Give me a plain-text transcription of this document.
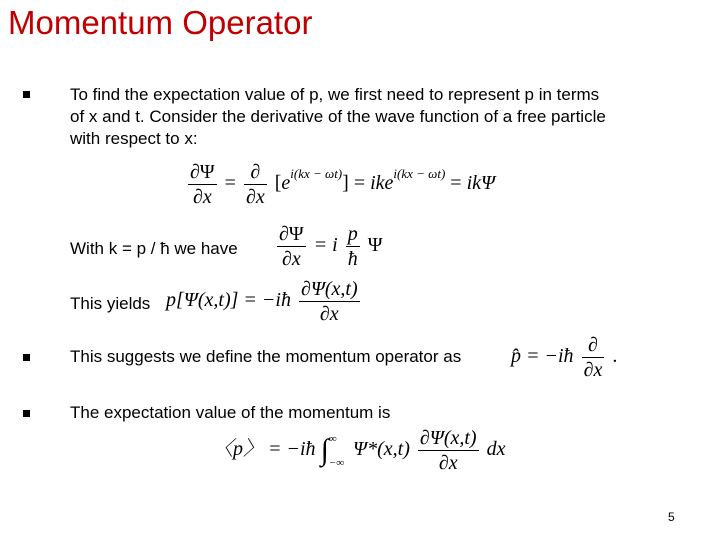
Momentum Operator
To find the expectation value of p, we first need to represent p in terms
of x and t. Consider the derivative of the wave function of a free particle
with respect to x:
$\frac{\partial\Psi}{\partial x} = \frac{\partial}{\partial x} [e^{i(kx - \omega t)}] = ike^{i(kx - \omega t)} = ik\Psi$
With k = p / ħ we have $\frac{\partial\Psi}{\partial x} = i \frac{p}{ħ}$ Ψ
This yields p[Ψ(x,t)] = −iħ $\frac{\partial\Psi(x,t)}{\partial x}$
This suggests we define the momentum operator as p̂ = −iħ $\frac{\partial}{\partial x}$ .
The expectation value of the momentum is
〈p〉 = −iħ ∫∞

−∞ $\Psi*(x,t) \frac{\partial\Psi(x,t)}{\partial x}$ dx
5
